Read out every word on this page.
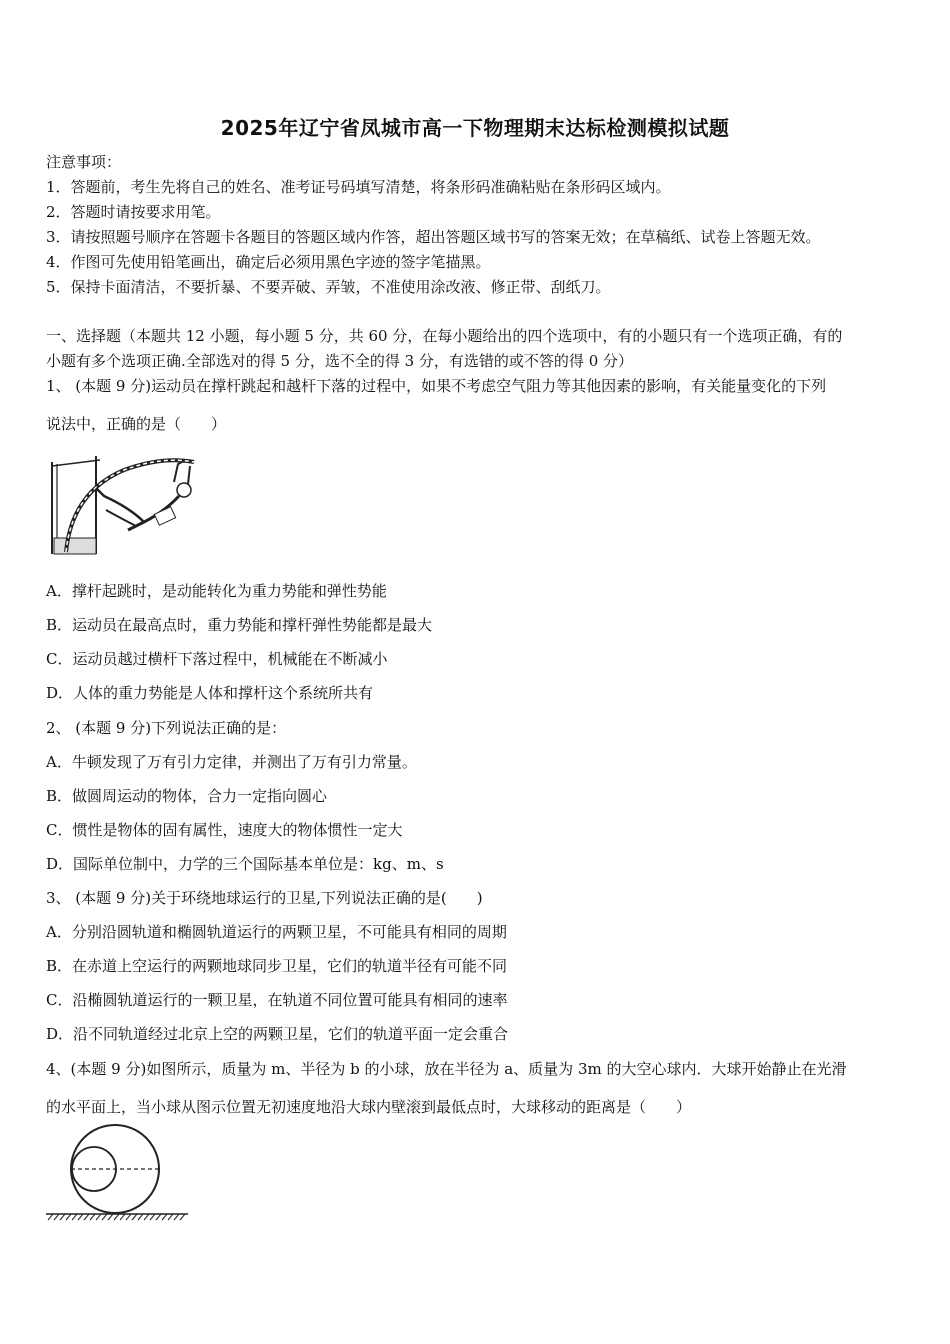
2025年辽宁省凤城市高一下物理期末达标检测模拟试题
注意事项：
1．答题前，考生先将自己的姓名、准考证号码填写清楚，将条形码准确粘贴在条形码区域内。
2．答题时请按要求用笔。
3．请按照题号顺序在答题卡各题目的答题区域内作答，超出答题区域书写的答案无效；在草稿纸、试卷上答题无效。
4．作图可先使用铅笔画出，确定后必须用黑色字迹的签字笔描黑。
5．保持卡面清洁，不要折暴、不要弄破、弄皱，不准使用涂改液、修正带、刮纸刀。
一、选择题（本题共 12 小题，每小题 5 分，共 60 分，在每小题给出的四个选项中，有的小题只有一个选项正确，有的
小题有多个选项正确.全部选对的得 5 分，选不全的得 3 分，有选错的或不答的得 0 分）
1、 (本题 9 分)运动员在撑杆跳起和越杆下落的过程中，如果不考虑空气阻力等其他因素的影响，有关能量变化的下列
说法中，正确的是（　　）
A．撑杆起跳时，是动能转化为重力势能和弹性势能
B．运动员在最高点时，重力势能和撑杆弹性势能都是最大
C．运动员越过横杆下落过程中，机械能在不断减小
D．人体的重力势能是人体和撑杆这个系统所共有
2、 (本题 9 分)下列说法正确的是：
A．牛顿发现了万有引力定律，并测出了万有引力常量。
B．做圆周运动的物体，合力一定指向圆心
C．惯性是物体的固有属性，速度大的物体惯性一定大
D．国际单位制中，力学的三个国际基本单位是：kg、m、s
3、 (本题 9 分)关于环绕地球运行的卫星,下列说法正确的是(　　)
A．分别沿圆轨道和椭圆轨道运行的两颗卫星，不可能具有相同的周期
B．在赤道上空运行的两颗地球同步卫星，它们的轨道半径有可能不同
C．沿椭圆轨道运行的一颗卫星，在轨道不同位置可能具有相同的速率
D．沿不同轨道经过北京上空的两颗卫星，它们的轨道平面一定会重合
4、(本题 9 分)如图所示，质量为 m、半径为 b 的小球，放在半径为 a、质量为 3m 的大空心球内．大球开始静止在光滑
的水平面上，当小球从图示位置无初速度地沿大球内壁滚到最低点时，大球移动的距离是（　　）
